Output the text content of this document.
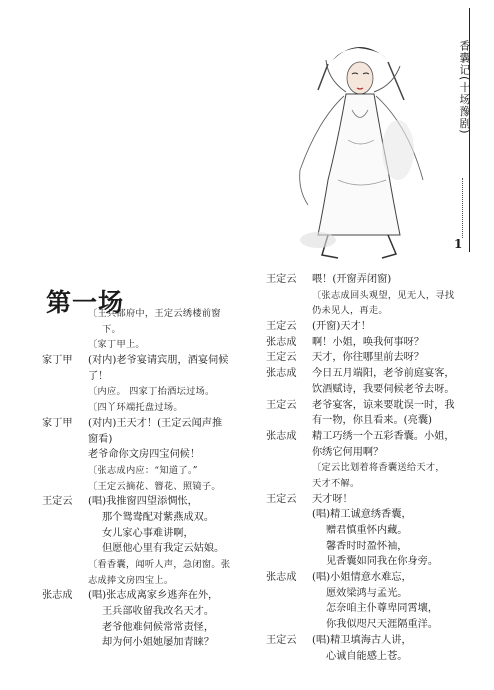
香囊记(十场豫剧)
1
第一场
〔王兵部府中，王定云绣楼前窗
下。
〔家丁甲上。
家丁甲	(对内)老爷宴请宾朋，酒宴伺候
了！
〔内应。 四家丁抬酒坛过场。
〔四丫环端托盘过场。
家丁甲	(对内)王天才！(王定云闻声推
窗看)
老爷命你文房四宝伺候！
〔张志成内应：“知道了。”
〔王定云摘花、簪花、照镜子。
王定云	(唱)我推窗四望添惆怅，
那个鸳鸯配对紫燕成双。
女儿家心事难讲啊，
但愿他心里有我定云姑娘。
〔看香囊，闻听人声，急闭窗。张
志成捧文房四宝上。
张志成	(唱)张志成离家乡逃奔在外，
王兵部收留我改名天才。
老爷他难伺候常常责怪，
却为何小姐她屡加青睐？
王定云	喂！(开窗弄闭窗)
〔张志成回头观望，见无人，寻找
仍未见人，再走。
王定云	(开窗)天才！
张志成	啊！小姐，唤我何事呀？
王定云	天才，你往哪里前去呀？
张志成	今日五月端阳，老爷前庭宴客，
饮酒赋诗，我要伺候老爷去呀。
王定云	老爷宴客，谅来要耽误一时，我
有一物，你且看来。(亮囊)
张志成	精工巧绣一个五彩香囊。小姐，
你绣它何用啊？
〔定云比划着将香囊送给天才，
天才不解。
王定云	天才呀！
(唱)精工诚意绣香囊，
赠君慎重怀内藏。
馨香时时盈怀袖，
见香囊如同我在你身旁。
张志成	(唱)小姐情意水难忘，
愿效梁鸿与孟光。
怎奈咱主仆尊卑同霄壤，
你我似咫尺天涯隔重洋。
王定云	(唱)精卫填海古人讲，
心诚自能感上苍。
